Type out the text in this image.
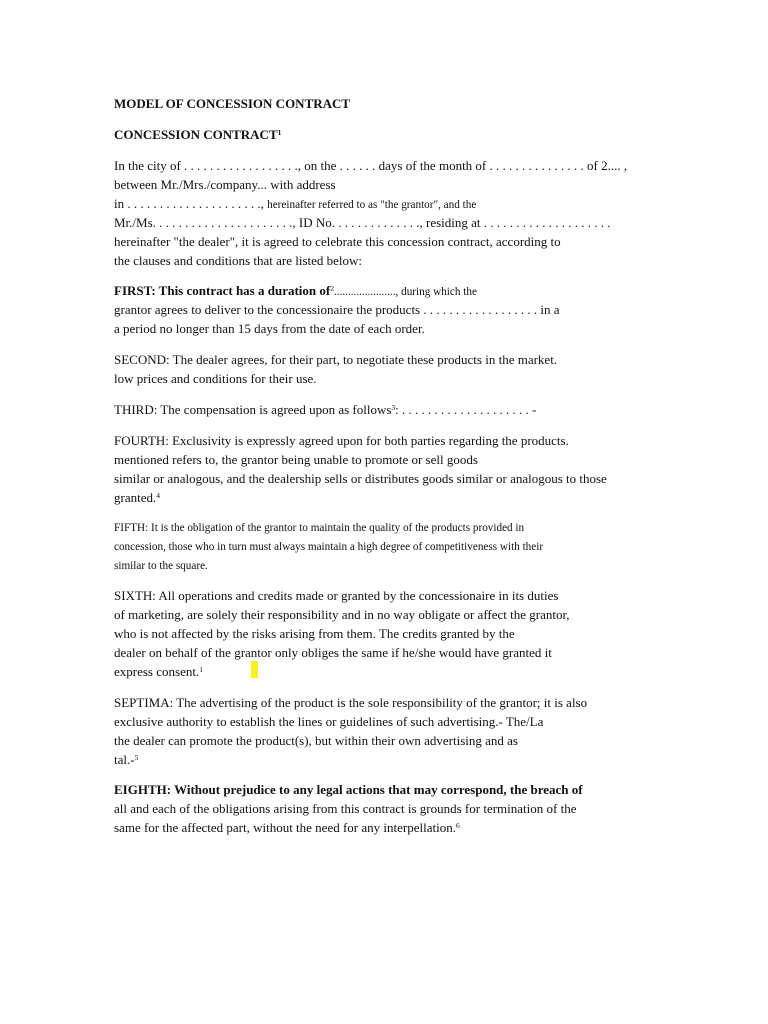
MODEL OF CONCESSION CONTRACT
CONCESSION CONTRACT$^1$
In the city of . . . . . . . . . . . . . . . . . ., on the . . . . . . days of the month of . . . . . . . . . . . . . . . of 2.... ,
between Mr./Mrs./company... with address
in . . . . . . . . . . . . . . . . . . . . ., hereinafter referred to as "the grantor", and the
Mr./Ms. . . . . . . . . . . . . . . . . . . . . ., ID No. . . . . . . . . . . . . ., residing at . . . . . . . . . . . . . . . . . . . .
hereinafter "the dealer", it is agreed to celebrate this concession contract, according to
the clauses and conditions that are listed below:
FIRST: This contract has a duration $of^2$......................, during which the
grantor agrees to deliver to the concessionaire the products . . . . . . . . . . . . . . . . . . in a
a period no longer than 15 days from the date of each order.
SECOND: The dealer agrees, for their part, to negotiate these products in the market.
low prices and conditions for their use.
THIRD: The compensation is agreed upon as follows$^3$: . . . . . . . . . . . . . . . . . . . . -
FOURTH: Exclusivity is expressly agreed upon for both parties regarding the products.
mentioned refers to, the grantor being unable to promote or sell goods
similar or analogous, and the dealership sells or distributes goods similar or analogous to those
granted.$^4$
FIFTH: It is the obligation of the grantor to maintain the quality of the products provided in
concession, those who in turn must always maintain a high degree of competitiveness with their
similar to the square.
SIXTH: All operations and credits made or granted by the concessionaire in its duties
of marketing, are solely their responsibility and in no way obligate or affect the grantor,
who is not affected by the risks arising from them. The credits granted by the
dealer on behalf of the grantor only obliges the same if he/she would have granted it
express consent.$^1$
SEPTIMA: The advertising of the product is the sole responsibility of the grantor; it is also
exclusive authority to establish the lines or guidelines of such advertising.- The/La
the dealer can promote the product(s), but within their own advertising and as
tal.-$^5$
EIGHTH: Without prejudice to any legal actions that may correspond, the breach of
all and each of the obligations arising from this contract is grounds for termination of the
same for the affected part, without the need for any interpellation.$^6$
